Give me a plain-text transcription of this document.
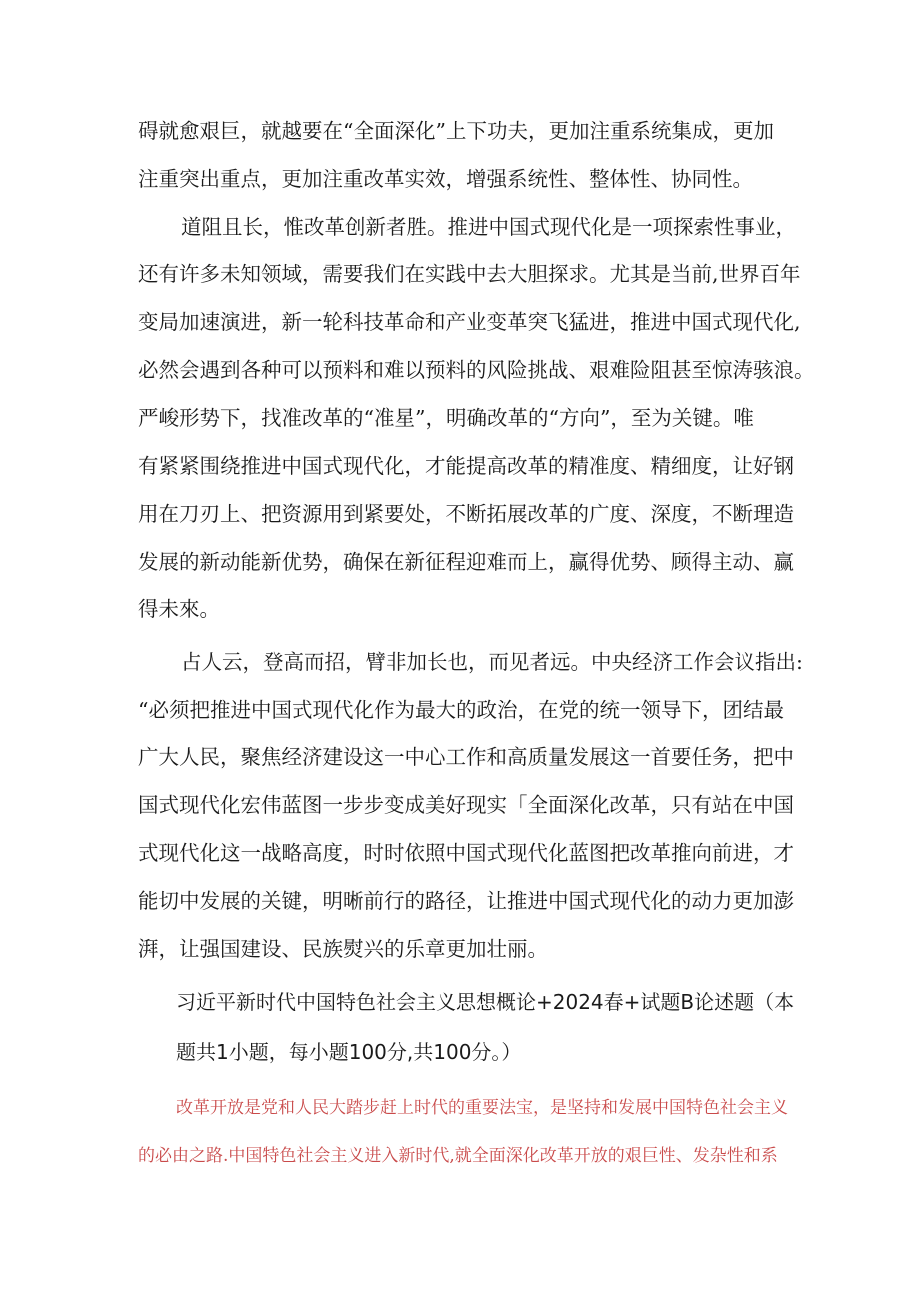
碍就愈艰巨，就越要在“全面深化”上下功夫，更加注重系统集成，更加
注重突出重点，更加注重改革实效，增强系统性、整体性、协同性。
道阻且长，惟改革创新者胜。推进中国式现代化是一项探索性事业，
还有许多未知领域，需要我们在实践中去大胆探求。尤其是当前,世界百年
变局加速演进，新一轮科技革命和产业变革突飞猛进，推进中国式现代化,
必然会遇到各种可以预料和难以预料的风险挑战、艰难险阻甚至惊涛骇浪。
严峻形势下，找准改革的“准星”，明确改革的“方向”，至为关键。唯
有紧紧围绕推进中国式现代化，才能提高改革的精准度、精细度，让好钢
用在刀刃上、把资源用到紧要处，不断拓展改革的广度、深度，不断理造
发展的新动能新优势，确保在新征程迎难而上，赢得优势、顾得主动、赢
得未來。
占人云，登高而招，臂非加长也，而见者远。中央经济工作会议指出:
“必须把推进中国式现代化作为最大的政治，在党的统一领导下，团结最
广大人民，聚焦经济建设这一中心工作和高质量发展这一首要任务，把中
国式现代化宏伟蓝图一步步变成美好现实「全面深化改革，只有站在中国
式现代化这一战略高度，时时依照中国式现代化蓝图把改革推向前进，才
能切中发展的关键，明晰前行的路径，让推进中国式现代化的动力更加澎
湃，让强国建设、民族熨兴的乐章更加壮丽。
习近平新时代中国特色社会主义思想概论+2024春+试题B论述题（本
题共1小题，每小题100分,共100分。）
改革开放是党和人民大踏步赶上时代的重要法宝，是坚持和发展中国特色社会主义
的必由之路.中国特色社会主义进入新时代,就全面深化改革开放的艰巨性、发杂性和系
